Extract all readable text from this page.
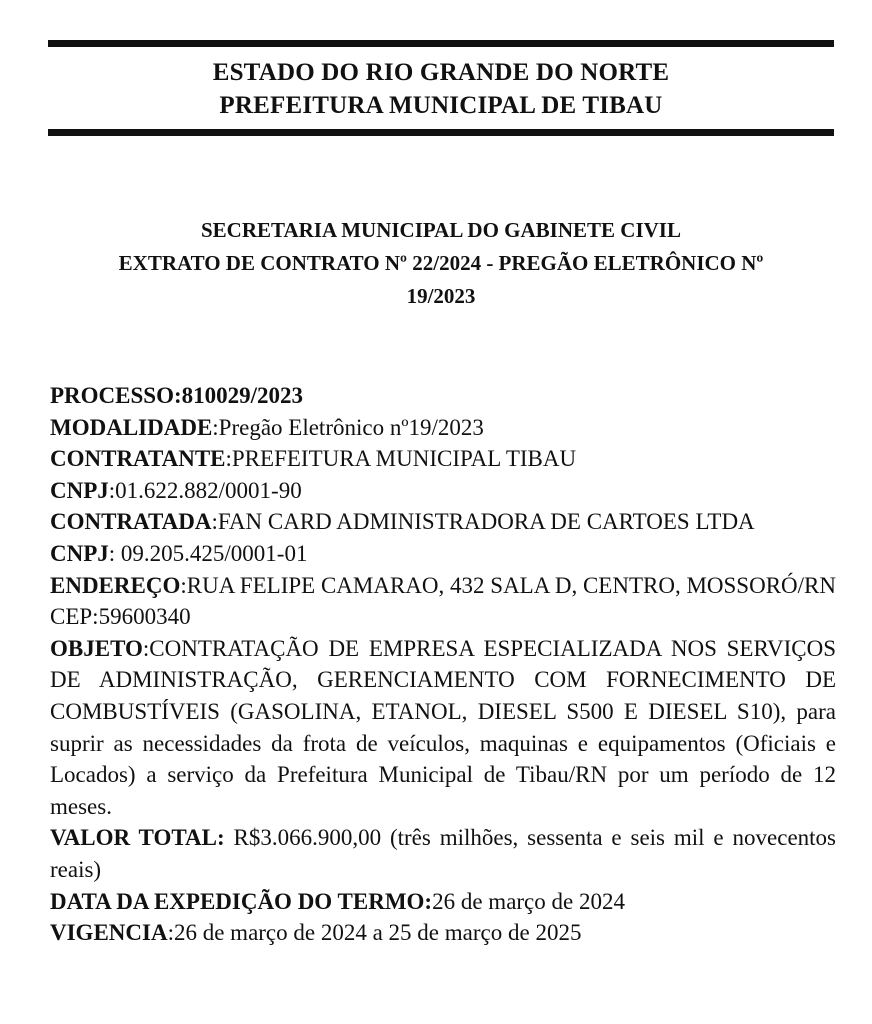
ESTADO DO RIO GRANDE DO NORTE
PREFEITURA MUNICIPAL DE TIBAU
SECRETARIA MUNICIPAL DO GABINETE CIVIL
EXTRATO DE CONTRATO Nº 22/2024 - PREGÃO ELETRÔNICO Nº
19/2023

PROCESSO:810029/2023

MODALIDADE:Pregão Eletrônico nº19/2023

CONTRATANTE:PREFEITURA MUNICIPAL TIBAU

CNPJ:01.622.882/0001-90

CONTRATADA:FAN CARD ADMINISTRADORA DE CARTOES LTDA

CNPJ: 09.205.425/0001-01

ENDEREÇO:RUA FELIPE CAMARAO, 432 SALA D, CENTRO, MOSSORÓ/RN CEP:59600340

OBJETO:CONTRATAÇÃO DE EMPRESA ESPECIALIZADA NOS SERVIÇOS DE ADMINISTRAÇÃO, GERENCIAMENTO COM FORNECIMENTO DE COMBUSTÍVEIS (GASOLINA, ETANOL, DIESEL S500 E DIESEL S10), para suprir as necessidades da frota de veículos, maquinas e equipamentos (Oficiais e Locados) a serviço da Prefeitura Municipal de Tibau/RN por um período de 12 meses.

VALOR TOTAL: R$3.066.900,00 (três milhões, sessenta e seis mil e novecentos reais)

DATA DA EXPEDIÇÃO DO TERMO:26 de março de 2024

VIGENCIA:26 de março de 2024 a 25 de março de 2025
